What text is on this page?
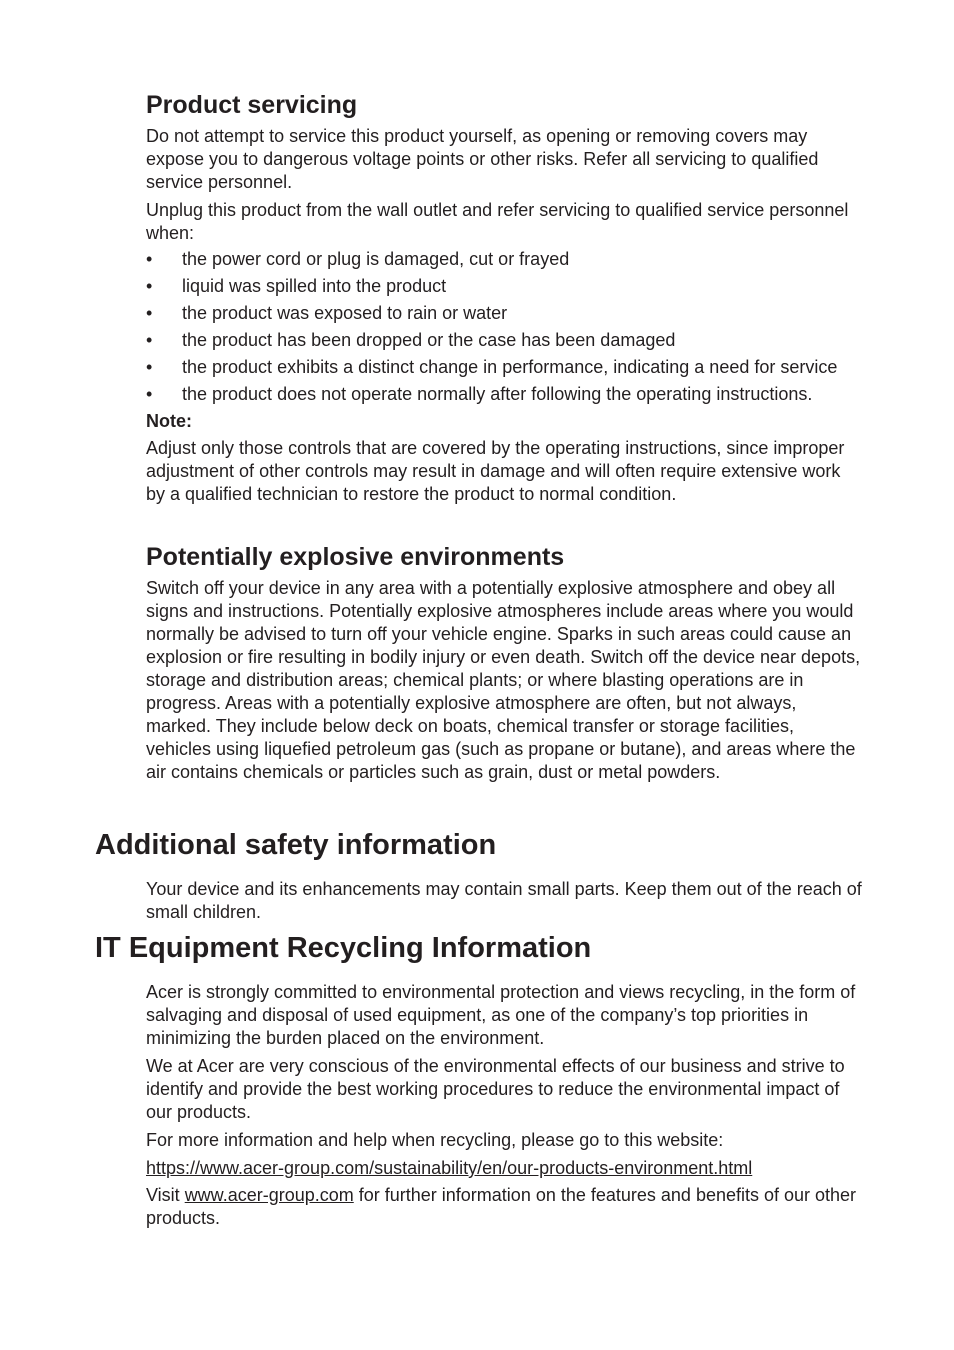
Product servicing

Do not attempt to service this product yourself, as opening or removing covers may expose you to dangerous voltage points or other risks. Refer all servicing to qualified service personnel.

Unplug this product from the wall outlet and refer servicing to qualified service personnel when:

• the power cord or plug is damaged, cut or frayed
• liquid was spilled into the product
• the product was exposed to rain or water
• the product has been dropped or the case has been damaged
• the product exhibits a distinct change in performance, indicating a need for service
• the product does not operate normally after following the operating instructions.

Note:

Adjust only those controls that are covered by the operating instructions, since improper adjustment of other controls may result in damage and will often require extensive work by a qualified technician to restore the product to normal condition.

Potentially explosive environments

Switch off your device in any area with a potentially explosive atmosphere and obey all signs and instructions. Potentially explosive atmospheres include areas where you would normally be advised to turn off your vehicle engine. Sparks in such areas could cause an explosion or fire resulting in bodily injury or even death. Switch off the device near depots, storage and distribution areas; chemical plants; or where blasting operations are in progress. Areas with a potentially explosive atmosphere are often, but not always, marked. They include below deck on boats, chemical transfer or storage facilities, vehicles using liquefied petroleum gas (such as propane or butane), and areas where the air contains chemicals or particles such as grain, dust or metal powders.

Additional safety information

Your device and its enhancements may contain small parts. Keep them out of the reach of small children.

IT Equipment Recycling Information

Acer is strongly committed to environmental protection and views recycling, in the form of salvaging and disposal of used equipment, as one of the company’s top priorities in minimizing the burden placed on the environment.

We at Acer are very conscious of the environmental effects of our business and strive to identify and provide the best working procedures to reduce the environmental impact of our products.

For more information and help when recycling, please go to this website:

https://www.acer-group.com/sustainability/en/our-products-environment.html

Visit www.acer-group.com for further information on the features and benefits of our other products.
